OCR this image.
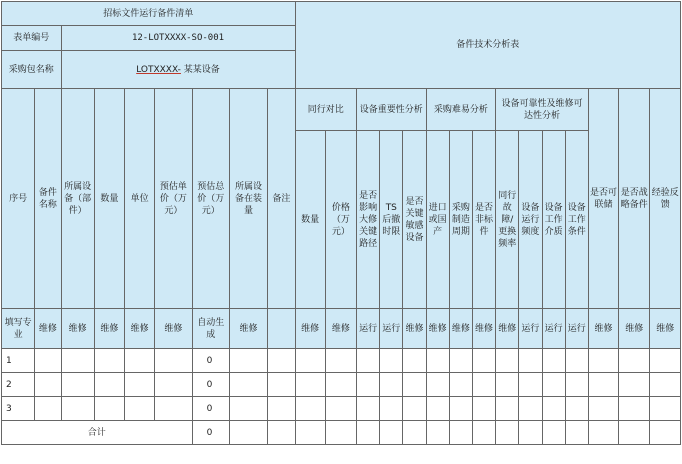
招标文件运行备件清单									备件技术分析表														
表单编号		12-LOTXXXX-SO-001																					
采购包名称		LOTXXXX- 某某设备																					
序号	备件名称	所属设备（部件）	数量	单位	预估单价（万元）	预估总价（万元）	所属设备在装量	备注	同行对比		设备重要性分析			采购难易分析			设备可靠性及维修可达性分析				是否可联储	是否战略备件	经验反馈
									数量	价格（万元）	是否影响大修关键路径	TS后撤时限	是否关键敏感设备	进口或国产	采购制造周期	是否非标件	同行故障/更换频率	设备运行频度	设备工作介质	设备工作条件			
填写专业	维修	维修	维修	维修	维修	自动生成	维修		维修	维修	运行	运行	维修	维修	维修	维修	维修	运行	运行	运行	维修	维修	维修
1						0																	
2						0																	
3						0																	
合计						0																	
